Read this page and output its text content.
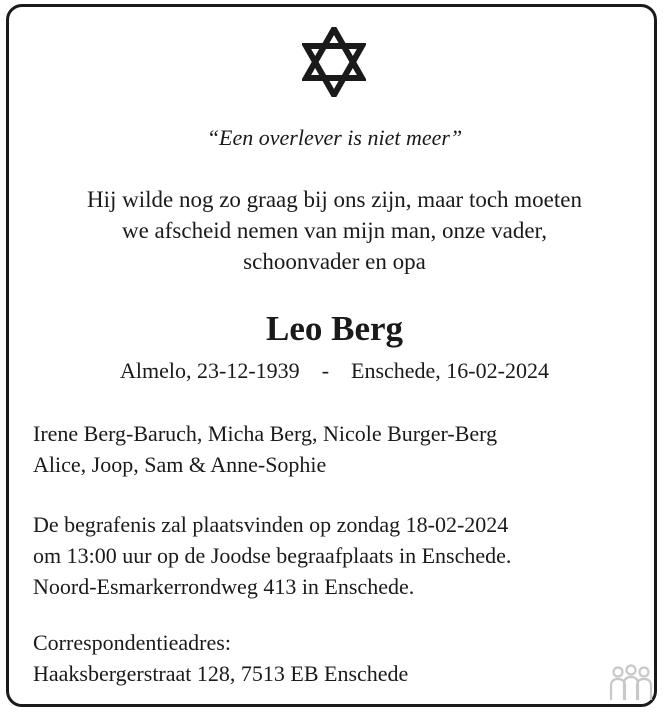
“Een overlever is niet meer”
Hij wilde nog zo graag bij ons zijn, maar toch moeten
we afscheid nemen van mijn man, onze vader,
schoonvader en opa
Leo Berg
Almelo, 23-12-1939 - Enschede, 16-02-2024
Irene Berg-Baruch, Micha Berg, Nicole Burger-Berg
Alice, Joop, Sam & Anne-Sophie
De begrafenis zal plaatsvinden op zondag 18-02-2024
om 13:00 uur op de Joodse begraafplaats in Enschede.
Noord-Esmarkerrondweg 413 in Enschede.
Correspondentieadres:
Haaksbergerstraat 128, 7513 EB Enschede
